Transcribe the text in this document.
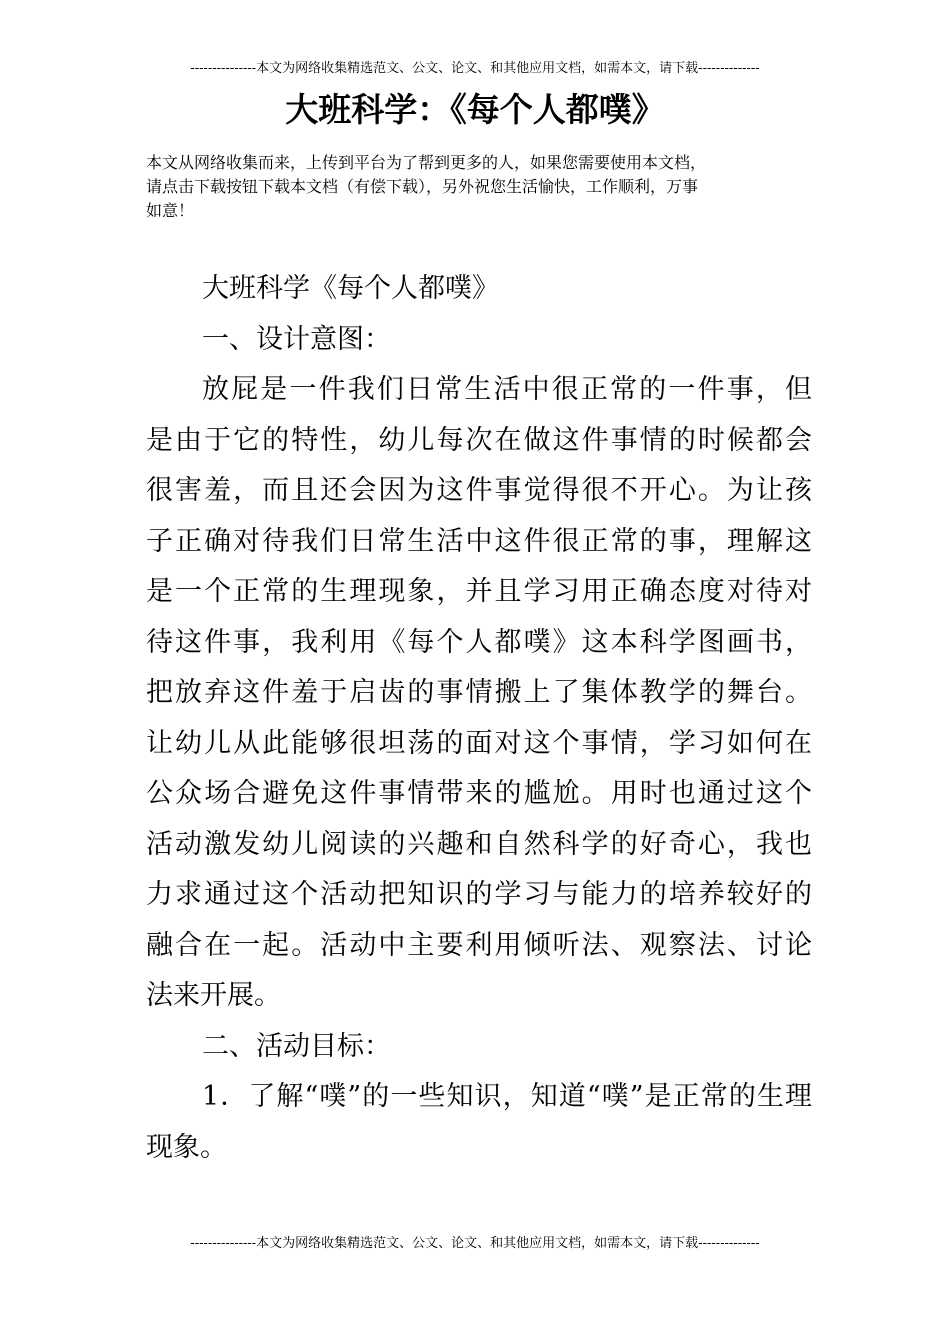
---------------本文为网络收集精选范文、公文、论文、和其他应用文档，如需本文，请下载--------------
大班科学：《每个人都噗》
本文从网络收集而来，上传到平台为了帮到更多的人，如果您需要使用本文档，
请点击下载按钮下载本文档（有偿下载），另外祝您生活愉快，工作顺利，万事
如意！
大班科学《每个人都噗》
一、设计意图：
放屁是一件我们日常生活中很正常的一件事，但
是由于它的特性，幼儿每次在做这件事情的时候都会
很害羞，而且还会因为这件事觉得很不开心。为让孩
子正确对待我们日常生活中这件很正常的事，理解这
是一个正常的生理现象，并且学习用正确态度对待对
待这件事，我利用《每个人都噗》这本科学图画书，
把放弃这件羞于启齿的事情搬上了集体教学的舞台。
让幼儿从此能够很坦荡的面对这个事情，学习如何在
公众场合避免这件事情带来的尴尬。用时也通过这个
活动激发幼儿阅读的兴趣和自然科学的好奇心，我也
力求通过这个活动把知识的学习与能力的培养较好的
融合在一起。活动中主要利用倾听法、观察法、讨论
法来开展。
二、活动目标：
1．了解“噗”的一些知识，知道“噗”是正常的生理
现象。
---------------本文为网络收集精选范文、公文、论文、和其他应用文档，如需本文，请下载--------------
